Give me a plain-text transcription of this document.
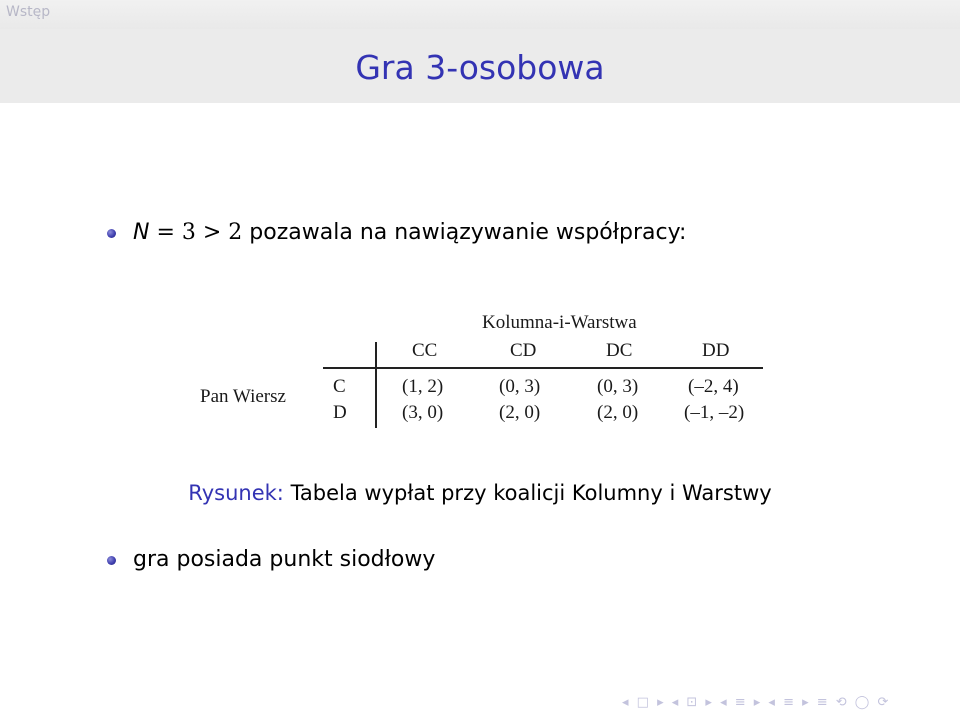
Wstęp
Gra 3-osobowa
N = 3 > 2 pozawala na nawiązywanie współpracy:
Kolumna-i-Warstwa
CC	CD	DC	DD
Pan Wiersz C	(1, 2)	(0, 3)	(0, 3)	(–2, 4)
D	(3, 0)	(2, 0)	(2, 0) (–1, –2)
Rysunek: Tabela wypłat przy koalicji Kolumny i Warstwy
gra posiada punkt siodłowy
◂ □ ▸ ◂ ⊡ ▸ ◂ ≡ ▸ ◂ ≡ ▸ ≡ ⟲ ◯ ⟳
